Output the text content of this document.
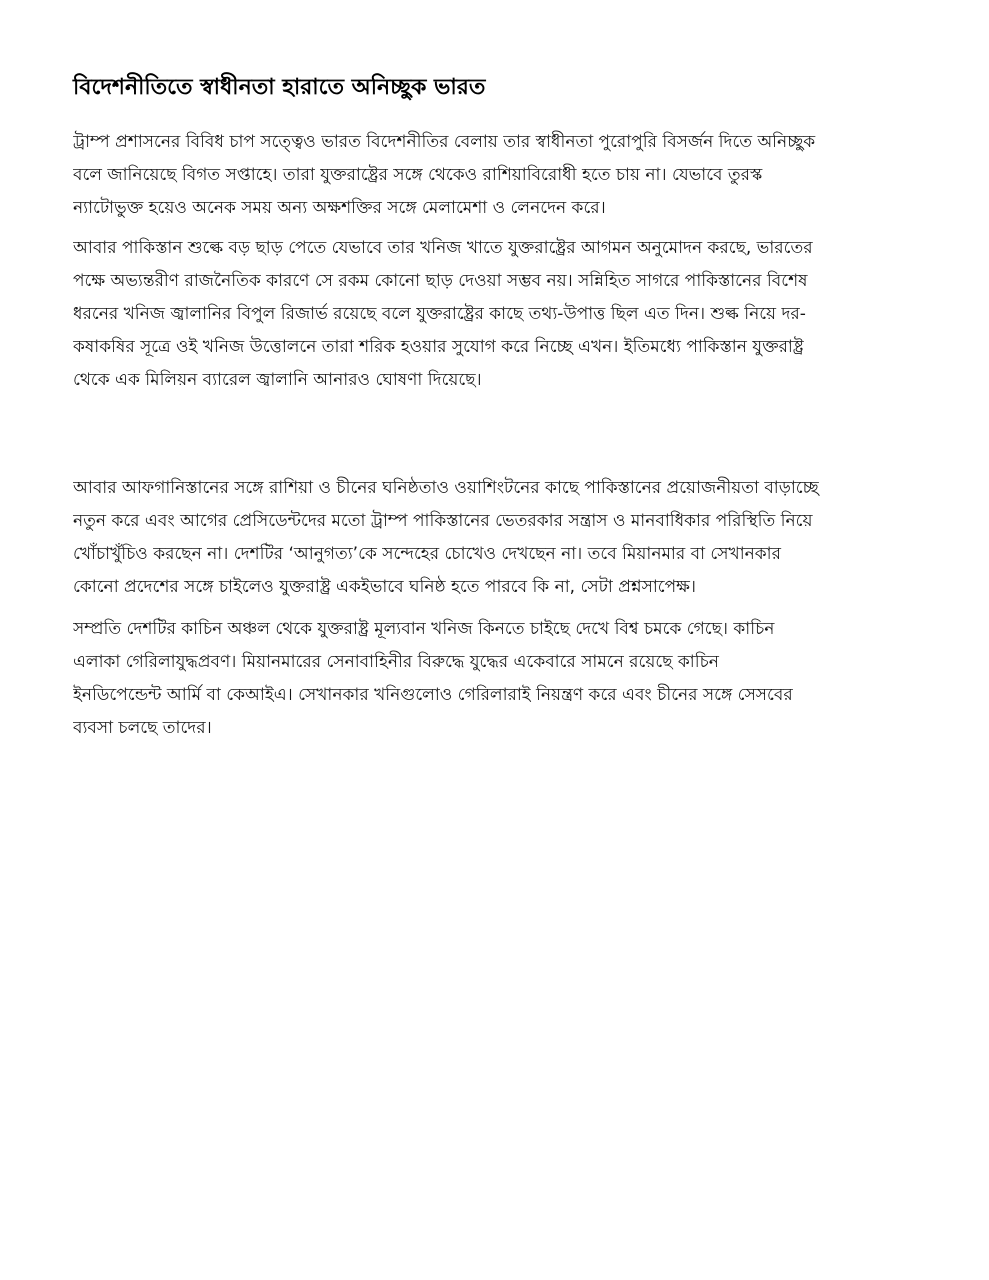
বিদেশনীতিতে স্বাধীনতা হারাতে অনিচ্ছুক ভারত
ট্রাম্প প্রশাসনের বিবিধ চাপ সত্ত্বেও ভারত বিদেশনীতির বেলায় তার স্বাধীনতা পুরোপুরি বিসর্জন দিতে অনিচ্ছুক
বলে জানিয়েছে বিগত সপ্তাহে। তারা যুক্তরাষ্ট্রের সঙ্গে থেকেও রাশিয়াবিরোধী হতে চায় না। যেভাবে তুরস্ক
ন্যাটোভুক্ত হয়েও অনেক সময় অন্য অক্ষশক্তির সঙ্গে মেলামেশা ও লেনদেন করে।
আবার পাকিস্তান শুল্কে বড় ছাড় পেতে যেভাবে তার খনিজ খাতে যুক্তরাষ্ট্রের আগমন অনুমোদন করছে, ভারতের
পক্ষে অভ্যন্তরীণ রাজনৈতিক কারণে সে রকম কোনো ছাড় দেওয়া সম্ভব নয়। সন্নিহিত সাগরে পাকিস্তানের বিশেষ
ধরনের খনিজ জ্বালানির বিপুল রিজার্ভ রয়েছে বলে যুক্তরাষ্ট্রের কাছে তথ্য-উপাত্ত ছিল এত দিন। শুল্ক নিয়ে দর-
কষাকষির সূত্রে ওই খনিজ উত্তোলনে তারা শরিক হওয়ার সুযোগ করে নিচ্ছে এখন। ইতিমধ্যে পাকিস্তান যুক্তরাষ্ট্র
থেকে এক মিলিয়ন ব্যারেল জ্বালানি আনারও ঘোষণা দিয়েছে।
আবার আফগানিস্তানের সঙ্গে রাশিয়া ও চীনের ঘনিষ্ঠতাও ওয়াশিংটনের কাছে পাকিস্তানের প্রয়োজনীয়তা বাড়াচ্ছে
নতুন করে এবং আগের প্রেসিডেন্টদের মতো ট্রাম্প পাকিস্তানের ভেতরকার সন্ত্রাস ও মানবাধিকার পরিস্থিতি নিয়ে
খোঁচাখুঁচিও করছেন না। দেশটির ‘আনুগত্য’কে সন্দেহের চোখেও দেখছেন না। তবে মিয়ানমার বা সেখানকার
কোনো প্রদেশের সঙ্গে চাইলেও যুক্তরাষ্ট্র একইভাবে ঘনিষ্ঠ হতে পারবে কি না, সেটা প্রশ্নসাপেক্ষ।
সম্প্রতি দেশটির কাচিন অঞ্চল থেকে যুক্তরাষ্ট্র মূল্যবান খনিজ কিনতে চাইছে দেখে বিশ্ব চমকে গেছে। কাচিন
এলাকা গেরিলাযুদ্ধপ্রবণ। মিয়ানমারের সেনাবাহিনীর বিরুদ্ধে যুদ্ধের একেবারে সামনে রয়েছে কাচিন
ইনডিপেন্ডেন্ট আর্মি বা কেআইএ। সেখানকার খনিগুলোও গেরিলারাই নিয়ন্ত্রণ করে এবং চীনের সঙ্গে সেসবের
ব্যবসা চলছে তাদের।
